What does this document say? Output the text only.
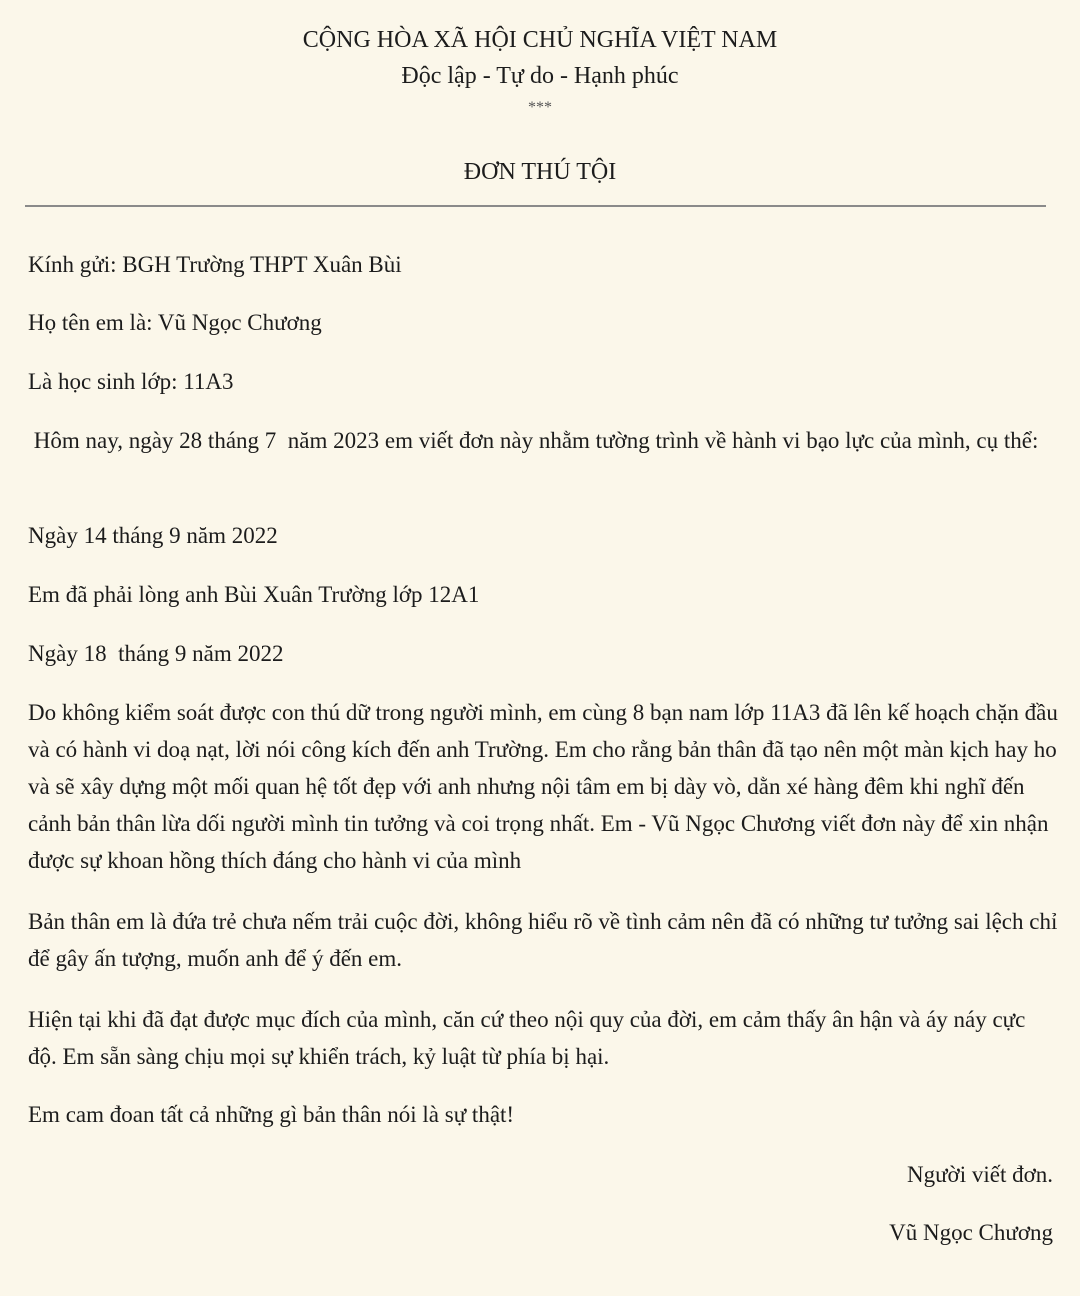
CỘNG HÒA XÃ HỘI CHỦ NGHĨA VIỆT NAM
Độc lập - Tự do - Hạnh phúc
***
ĐƠN THÚ TỘI

Kính gửi: BGH Trường THPT Xuân Bùi

Họ tên em là: Vũ Ngọc Chương

Là học sinh lớp: 11A3

Hôm nay, ngày 28 tháng 7  năm 2023 em viết đơn này nhằm tường trình về hành vi bạo lực của mình, cụ thể:

Ngày 14 tháng 9 năm 2022

Em đã phải lòng anh Bùi Xuân Trường lớp 12A1

Ngày 18  tháng 9 năm 2022

Do không kiểm soát được con thú dữ trong người mình, em cùng 8 bạn nam lớp 11A3 đã lên kế hoạch chặn đầu và có hành vi doạ nạt, lời nói công kích đến anh Trường. Em cho rằng bản thân đã tạo nên một màn kịch hay ho và sẽ xây dựng một mối quan hệ tốt đẹp với anh nhưng nội tâm em bị dày vò, dằn xé hàng đêm khi nghĩ đến cảnh bản thân lừa dối người mình tin tưởng và coi trọng nhất. Em - Vũ Ngọc Chương viết đơn này để xin nhận được sự khoan hồng thích đáng cho hành vi của mình

Bản thân em là đứa trẻ chưa nếm trải cuộc đời, không hiểu rõ về tình cảm nên đã có những tư tưởng sai lệch chỉ để gây ấn tượng, muốn anh để ý đến em.

Hiện tại khi đã đạt được mục đích của mình, căn cứ theo nội quy của đời, em cảm thấy ân hận và áy náy cực độ. Em sẵn sàng chịu mọi sự khiển trách, kỷ luật từ phía bị hại.

Em cam đoan tất cả những gì bản thân nói là sự thật!

Người viết đơn.
Vũ Ngọc Chương
